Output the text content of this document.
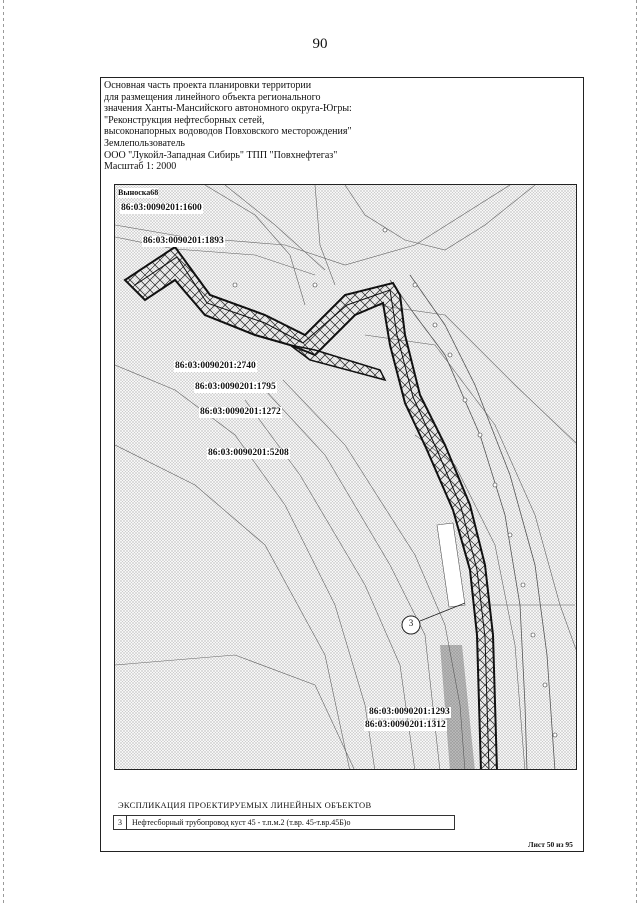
90
Основная часть проекта планировки территории
для размещения линейного объекта регионального
значения Ханты-Мансийского автономного округа-Югры:
"Реконструкция нефтесборных сетей,
высоконапорных водоводов Повховского месторождения"
Землепользователь
ООО "Лукойл-Западная Сибирь" ТПП "Повхнефтегаз"
Масштаб 1: 2000
Выноска68
3
86:03:0090201:1600
86:03:0090201:1893
86:03:0090201:2740
86:03:0090201:1795
86:03:0090201:1272
86:03:0090201:5208
86:03:0090201:1293
86:03:0090201:1312
ЭКСПЛИКАЦИЯ ПРОЕКТИРУЕМЫХ ЛИНЕЙНЫХ ОБЪЕКТОВ
3	Нефтесборный трубопровод куст 45 - т.п.м.2 (т.вр. 45-т.вр.45Б)о
Лист 50 из 95
